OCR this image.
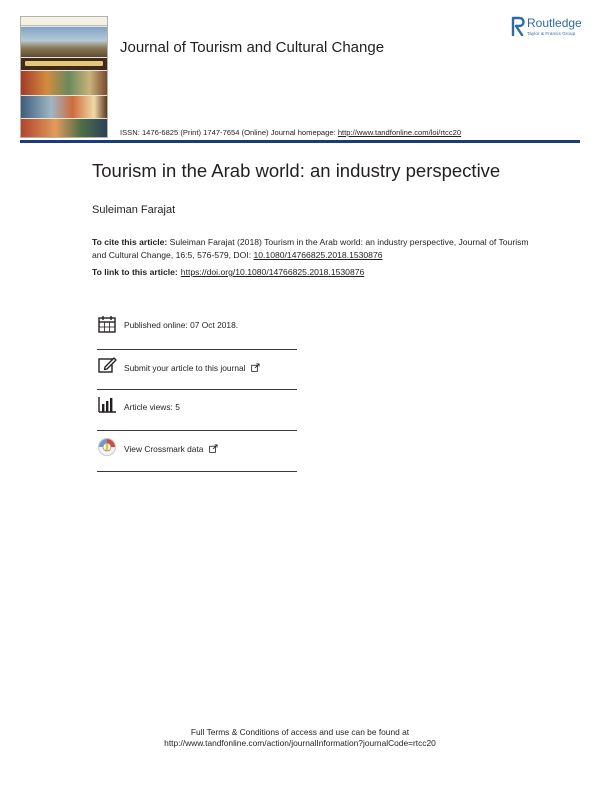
Journal of Tourism and Cultural Change
Routledge
Taylor & Francis Group
ISSN: 1476-6825 (Print) 1747-7654 (Online) Journal homepage: http://www.tandfonline.com/loi/rtcc20
Tourism in the Arab world: an industry perspective
Suleiman Farajat
To cite this article: Suleiman Farajat (2018) Tourism in the Arab world: an industry perspective, Journal of Tourism and Cultural Change, 16:5, 576-579, DOI: 10.1080/14766825.2018.1530876
To link to this article: https://doi.org/10.1080/14766825.2018.1530876
Published online: 07 Oct 2018.
Submit your article to this journal
Article views: 5
View Crossmark data
Full Terms & Conditions of access and use can be found at
http://www.tandfonline.com/action/journalInformation?journalCode=rtcc20
